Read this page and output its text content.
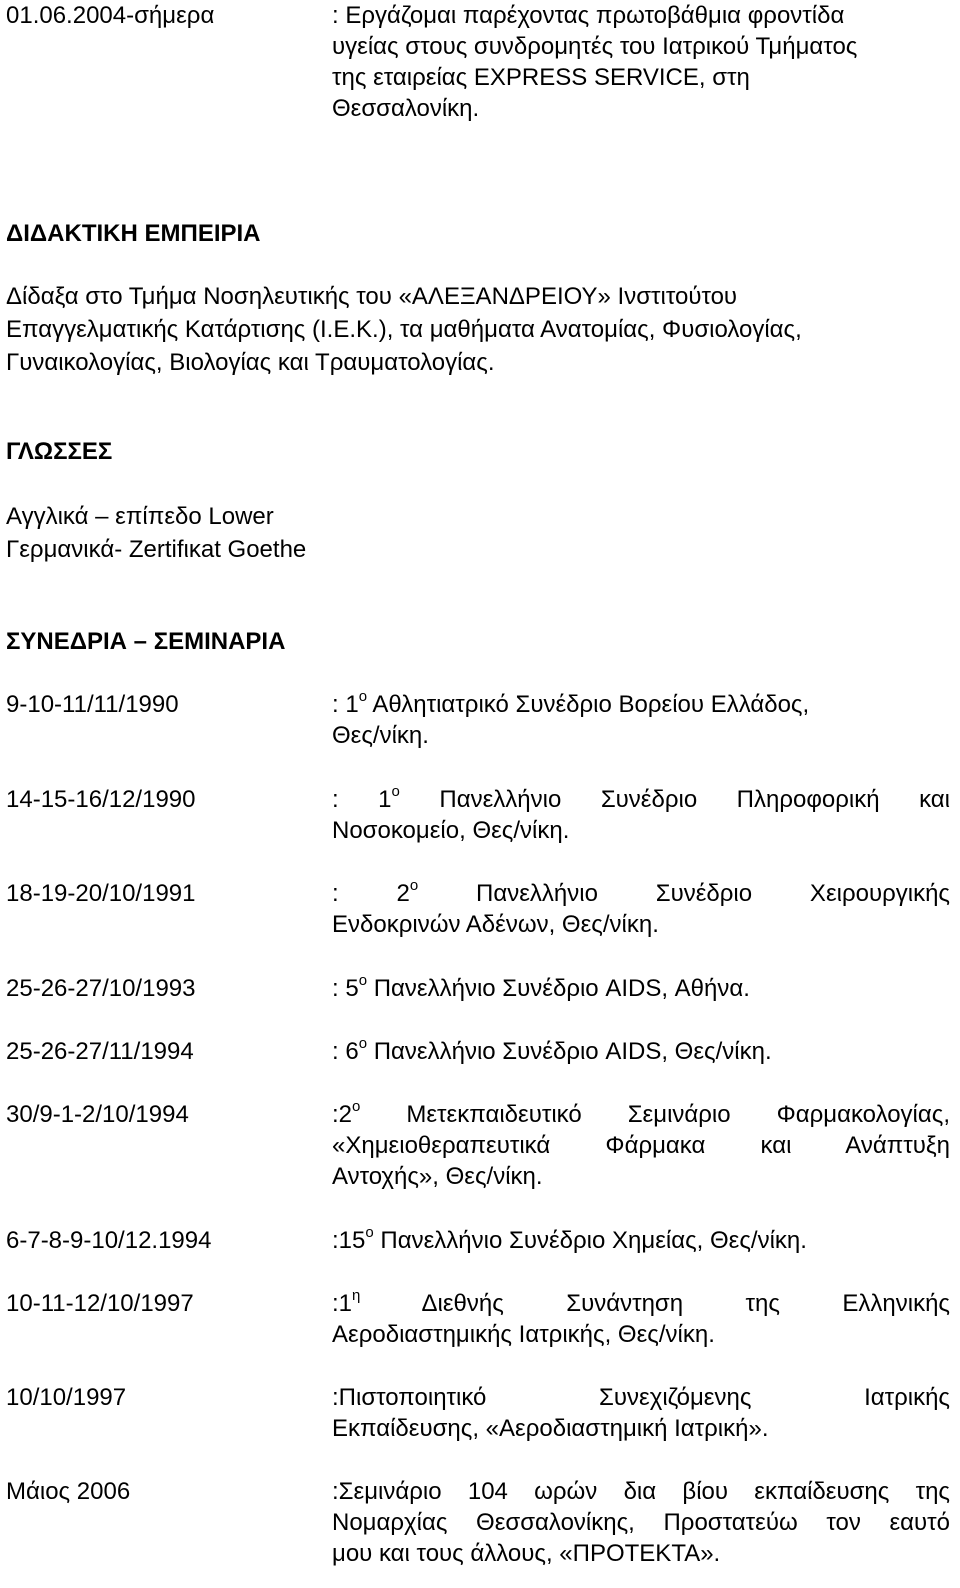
01.06.2004-σήμερα	: Εργάζομαι παρέχοντας πρωτοβάθμια φροντίδα
υγείας στους συνδρομητές του Ιατρικού Τμήματος
της εταιρείας EXPRESS SERVICE, στη
Θεσσαλονίκη.
ΔΙΔΑΚΤΙΚΗ ΕΜΠΕΙΡΙΑ
Δίδαξα στο Τμήμα Νοσηλευτικής του «ΑΛΕΞΑΝΔΡΕΙΟΥ» Ινστιτούτου
Επαγγελματικής Κατάρτισης (Ι.Ε.Κ.), τα μαθήματα Ανατομίας, Φυσιολογίας,
Γυναικολογίας, Βιολογίας και Τραυματολογίας.
ΓΛΩΣΣΕΣ
Αγγλικά – επίπεδο Lower
Γερμανικά- Zertifικat Goethe
ΣΥΝΕΔΡΙΑ – ΣΕΜΙΝΑΡΙΑ
9-10-11/11/1990	: $1^o$ Αθλητιατρικό Συνέδριο Βορείου Ελλάδος,
Θες/νίκη.
14-15-16/12/1990	: $1^o$ Πανελλήνιο Συνέδριο Πληροφορική και
Νοσοκομείο, Θες/νίκη.
18-19-20/10/1991	: $2^o$ Πανελλήνιο Συνέδριο Χειρουργικής
Ενδοκρινών Αδένων, Θες/νίκη.
25-26-27/10/1993	: $5^o$ Πανελλήνιο Συνέδριο AIDS, Αθήνα.
25-26-27/11/1994	: $6^o$ Πανελλήνιο Συνέδριο AIDS, Θες/νίκη.
30/9-1-2/10/1994	$:2^o$ Μετεκπαιδευτικό Σεμινάριο Φαρμακολογίας,
«Χημειοθεραπευτικά Φάρμακα και Ανάπτυξη
Αντοχής», Θες/νίκη.
6-7-8-9-10/12.1994	$:15^o$ Πανελλήνιο Συνέδριο Χημείας, Θες/νίκη.
10-11-12/10/1997	$:1^\eta$ Διεθνής Συνάντηση της Ελληνικής
Αεροδιαστημικής Ιατρικής, Θες/νίκη.
10/10/1997	:Πιστοποιητικό Συνεχιζόμενης Ιατρικής
Εκπαίδευσης, «Αεροδιαστημική Ιατρική».
Μάιος 2006	:Σεμινάριο 104 ωρών δια βίου εκπαίδευσης της
Νομαρχίας Θεσσαλονίκης, Προστατεύω τον εαυτό
μου και τους άλλους, «ΠΡΟΤΕΚΤΑ».
